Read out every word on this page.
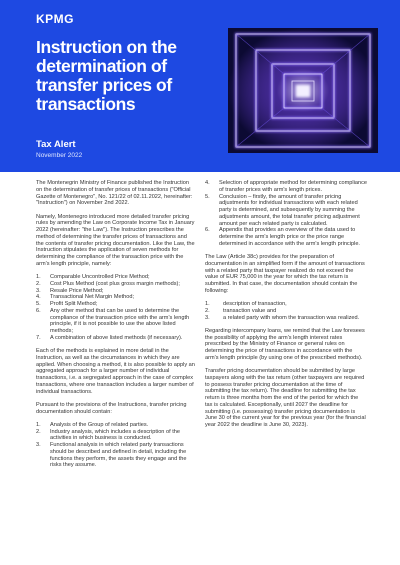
KPMG
Instruction on the determination of transfer prices of transactions
Tax Alert
November 2022

The Montenegrin Ministry of Finance published the Instruction on the determination of transfer prices of transactions ("Official Gazette of Montenegro", No. 121/22 of 02.11.2022, hereinafter: "Instruction") on November 2nd 2022.

Namely, Montenegro introduced more detailed transfer pricing rules by amending the Law on Corporate Income Tax in January 2022 (hereinafter: "the Law"). The Instruction prescribes the method of determining the transfer prices of transactions and the contents of transfer pricing documentation. Like the Law, the Instruction stipulates the application of seven methods for determining the compliance of the transaction price with the arm's length principle, namely:

1. Comparable Uncontrolled Price Method;
2. Cost Plus Method (cost plus gross margin methods);
3. Resale Price Method;
4. Transactional Net Margin Method;
5. Profit Split Method;
6. Any other method that can be used to determine the compliance of the transaction price with the arm's length principle, if it is not possible to use the above listed methods;
7. A combination of above listed methods (if necessary).

Each of the methods is explained in more detail in the Instruction, as well as the circumstances in which they are applied. When choosing a method, it is also possible to apply an aggregated approach for a larger number of individual transactions, i.e. a segregated approach in the case of complex transactions, where one transaction includes a larger number of individual transactions.

Pursuant to the provisions of the Instructions, transfer pricing documentation should contain:

1. Analysis of the Group of related parties.
2. Industry analysis, which includes a description of the activities in which business is conducted.
3. Functional analysis in which related party transactions should be described and defined in detail, including the functions they perform, the assets they engage and the risks they assume.
4. Selection of appropriate method for determining compliance of transfer prices with arm's length prices.
5. Conclusion – firstly, the amount of transfer pricing adjustments for individual transactions with each related party is determined, and subsequently by summing the adjustments amount, the total transfer pricing adjustment amount per each related party is calculated.
6. Appendix that provides an overview of the data used to determine the arm's length price or the price range determined in accordance with the arm's length principle.

The Law (Article 38c) provides for the preparation of documentation in an simplified form if the amount of transactions with a related party that taxpayer realized do not exceed the value of EUR 75,000 in the year for which the tax return is submitted. In that case, the documentation should contain the following:

1. description of transaction,
2. transaction value and
3. a related party with whom the transaction was realized.

Regarding intercompany loans, we remind that the Law foresees the possibility of applying the arm's length interest rates prescribed by the Ministry of Finance or general rules on determining the price of transactions in accordance with the arm's length principle (by using one of the prescribed methods).

Transfer pricing documentation should be submitted by large taxpayers along with the tax return (other taxpayers are required to possess transfer pricing documentation at the time of submitting the tax return). The deadline for submitting the tax return is three months from the end of the period for which the tax is calculated. Exceptionally, until 2027 the deadline for submitting (i.e. possessing) transfer pricing documentation is June 30 of the current year for the previous year (for the financial year 2022 the deadline is June 30, 2023).
